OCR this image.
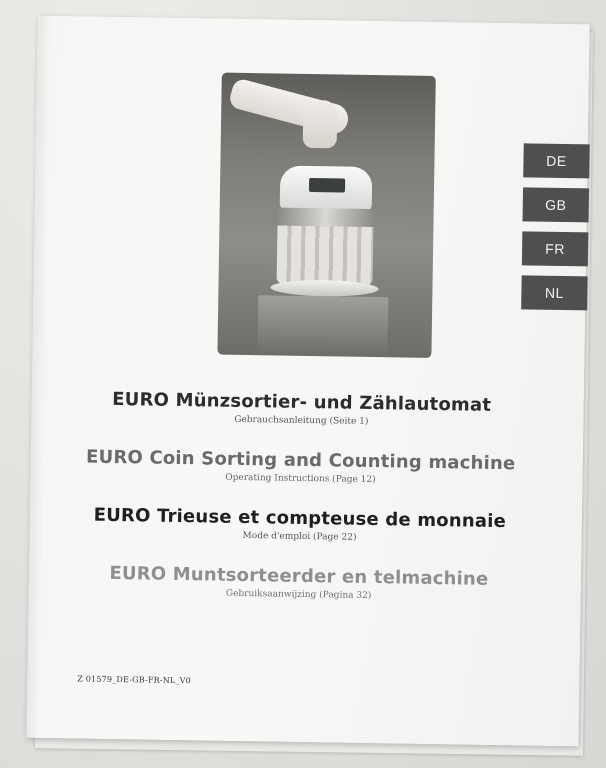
DE
GB
FR
NL
EURO Münzsortier- und Zählautomat
Gebrauchsanleitung (Seite 1)
EURO Coin Sorting and Counting machine
Operating Instructions (Page 12)
EURO Trieuse et compteuse de monnaie
Mode d'emploi (Page 22)
EURO Muntsorteerder en telmachine
Gebruiksaanwijzing (Pagina 32)
Z 01579_DE-GB-FR-NL_V0
